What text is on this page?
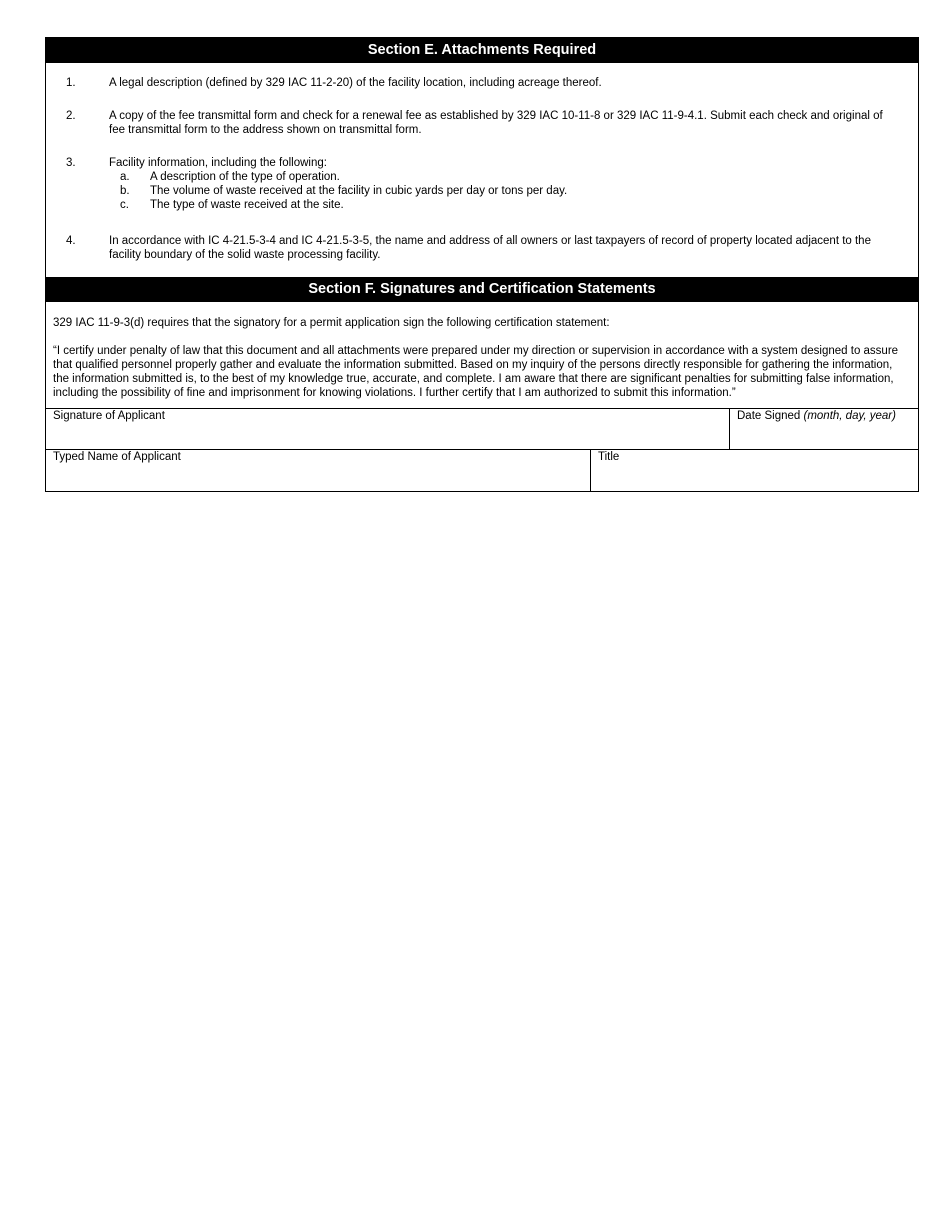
Section E. Attachments Required
1.	A legal description (defined by 329 IAC 11-2-20) of the facility location, including acreage thereof.
2.	A copy of the fee transmittal form and check for a renewal fee as established by 329 IAC 10-11-8 or 329 IAC 11-9-4.1. Submit each check and original of fee transmittal form to the address shown on transmittal form.
3.	Facility information, including the following:
a.	A description of the type of operation.
b.	The volume of waste received at the facility in cubic yards per day or tons per day.
c.	The type of waste received at the site.
4.	In accordance with IC 4-21.5-3-4 and IC 4-21.5-3-5, the name and address of all owners or last taxpayers of record of property located adjacent to the facility boundary of the solid waste processing facility.
Section F. Signatures and Certification Statements

329 IAC 11-9-3(d) requires that the signatory for a permit application sign the following certification statement:

“I certify under penalty of law that this document and all attachments were prepared under my direction or supervision in accordance with a system designed to assure that qualified personnel properly gather and evaluate the information submitted. Based on my inquiry of the persons directly responsible for gathering the information, the information submitted is, to the best of my knowledge true, accurate, and complete. I am aware that there are significant penalties for submitting false information, including the possibility of fine and imprisonment for knowing violations. I further certify that I am authorized to submit this information.”

Signature of Applicant	Date Signed (month, day, year)
Typed Name of Applicant	Title
